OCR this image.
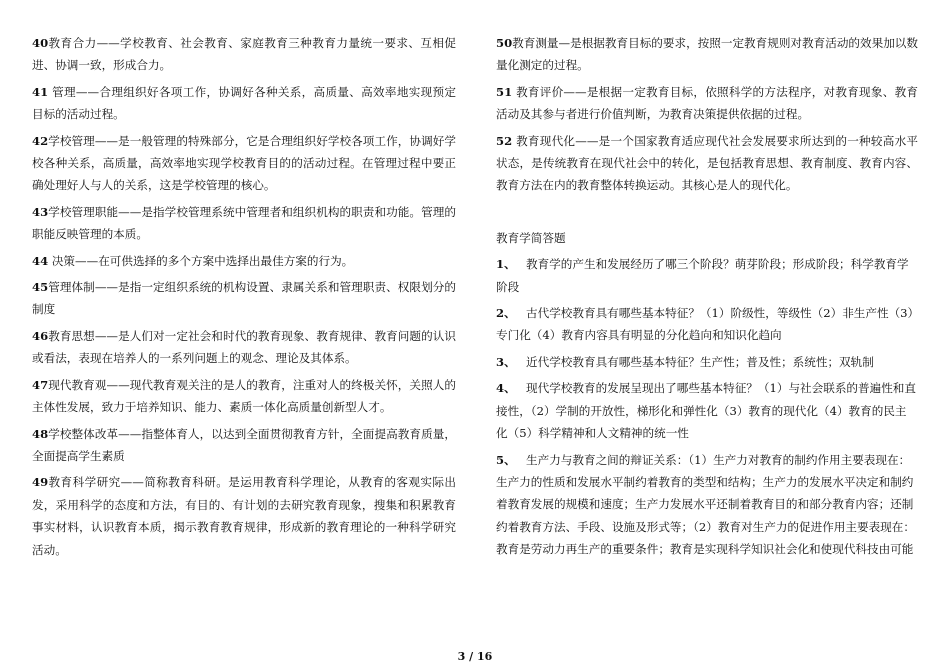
40教育合力——学校教育、社会教育、家庭教育三种教育力量统一要求、互相促进、协调一致，形成合力。

41 管理——合理组织好各项工作，协调好各种关系，高质量、高效率地实现预定目标的活动过程。

42学校管理——是一般管理的特殊部分，它是合理组织好学校各项工作，协调好学校各种关系，高质量，高效率地实现学校教育目的的活动过程。在管理过程中要正确处理好人与人的关系，这是学校管理的核心。

43学校管理职能——是指学校管理系统中管理者和组织机构的职责和功能。管理的职能反映管理的本质。

44 决策——在可供选择的多个方案中选择出最佳方案的行为。

45管理体制——是指一定组织系统的机构设置、隶属关系和管理职责、权限划分的制度

46教育思想——是人们对一定社会和时代的教育现象、教育规律、教育问题的认识或看法，表现在培养人的一系列问题上的观念、理论及其体系。

47现代教育观——现代教育观关注的是人的教育，注重对人的终极关怀，关照人的主体性发展，致力于培养知识、能力、素质一体化高质量创新型人才。

48学校整体改革——指整体育人，以达到全面贯彻教育方针，全面提高教育质量，全面提高学生素质

49教育科学研究——简称教育科研。是运用教育科学理论，从教育的客观实际出发，采用科学的态度和方法，有目的、有计划的去研究教育现象，搜集和积累教育事实材料，认识教育本质，揭示教育教育规律，形成新的教育理论的一种科学研究活动。

50教育测量—是根据教育目标的要求，按照一定教育规则对教育活动的效果加以数量化测定的过程。

51 教育评价——是根据一定教育目标，依照科学的方法程序，对教育现象、教育活动及其参与者进行价值判断，为教育决策提供依据的过程。

52 教育现代化——是一个国家教育适应现代社会发展要求所达到的一种较高水平状态，是传统教育在现代社会中的转化，是包括教育思想、教育制度、教育内容、教育方法在内的教育整体转换运动。其核心是人的现代化。

教育学简答题

1、 教育学的产生和发展经历了哪三个阶段？萌芽阶段；形成阶段；科学教育学阶段

2、 古代学校教育具有哪些基本特征？（1）阶级性，等级性（2）非生产性（3）专门化（4）教育内容具有明显的分化趋向和知识化趋向

3、 近代学校教育具有哪些基本特征？生产性；普及性；系统性；双轨制

4、 现代学校教育的发展呈现出了哪些基本特征？（1）与社会联系的普遍性和直接性，（2）学制的开放性，梯形化和弹性化（3）教育的现代化（4）教育的民主化（5）科学精神和人文精神的统一性

5、 生产力与教育之间的辩证关系：（1）生产力对教育的制约作用主要表现在：生产力的性质和发展水平制约着教育的类型和结构；生产力的发展水平决定和制约着教育发展的规模和速度；生产力发展水平还制着教育目的和部分教育内容；还制约着教育方法、手段、设施及形式等；（2）教育对生产力的促进作用主要表现在：教育是劳动力再生产的重要条件；教育是实现科学知识社会化和使现代科技由可能

3 / 16
